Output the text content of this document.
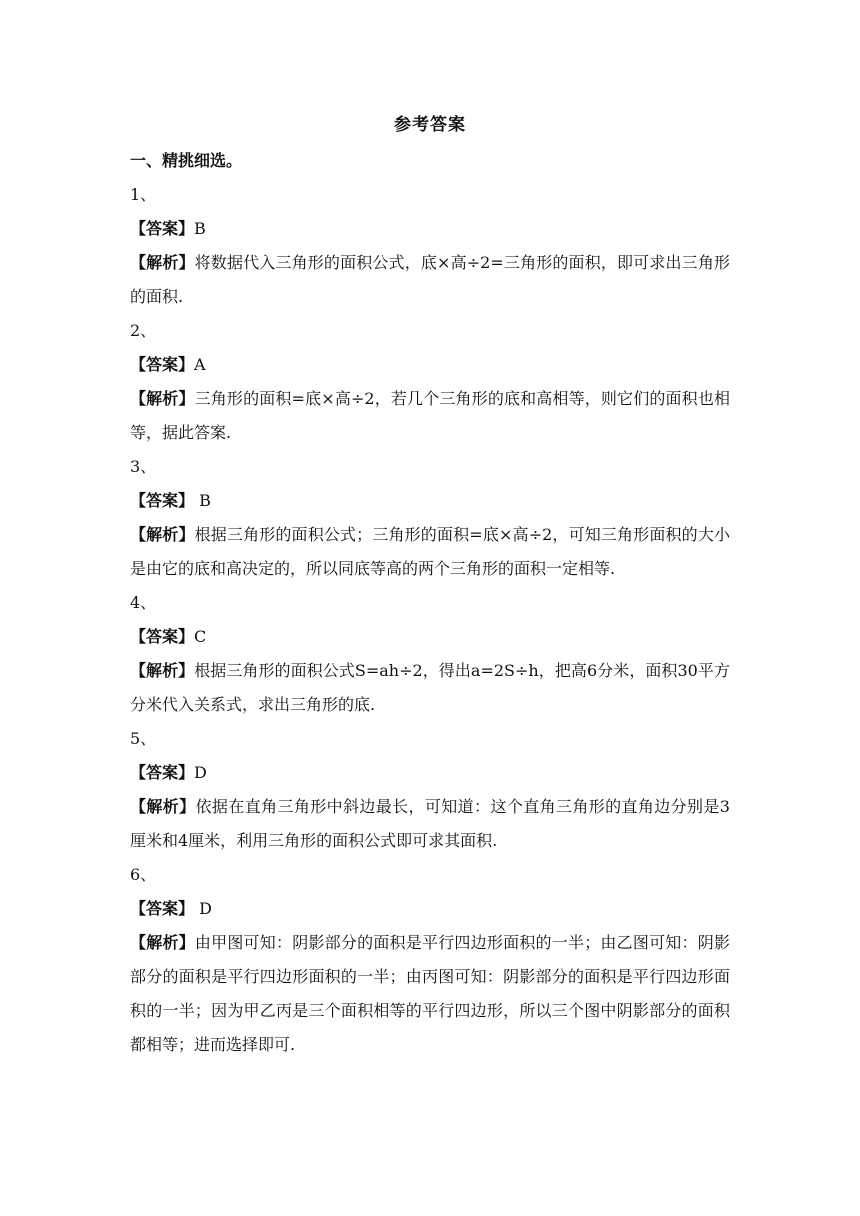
参考答案
一、精挑细选。
1、
【答案】B
【解析】将数据代入三角形的面积公式，底×高÷2=三角形的面积，即可求出三角形的面积.
2、
【答案】A
【解析】三角形的面积=底×高÷2，若几个三角形的底和高相等，则它们的面积也相等，据此答案.
3、
【答案】 B
【解析】根据三角形的面积公式；三角形的面积=底×高÷2，可知三角形面积的大小是由它的底和高决定的，所以同底等高的两个三角形的面积一定相等.
4、
【答案】C
【解析】根据三角形的面积公式S=ah÷2，得出a=2S÷h，把高6分米，面积30平方分米代入关系式，求出三角形的底.
5、
【答案】D
【解析】依据在直角三角形中斜边最长，可知道：这个直角三角形的直角边分别是3厘米和4厘米，利用三角形的面积公式即可求其面积.
6、
【答案】 D
【解析】由甲图可知：阴影部分的面积是平行四边形面积的一半；由乙图可知：阴影部分的面积是平行四边形面积的一半；由丙图可知：阴影部分的面积是平行四边形面积的一半；因为甲乙丙是三个面积相等的平行四边形，所以三个图中阴影部分的面积都相等；进而选择即可.
